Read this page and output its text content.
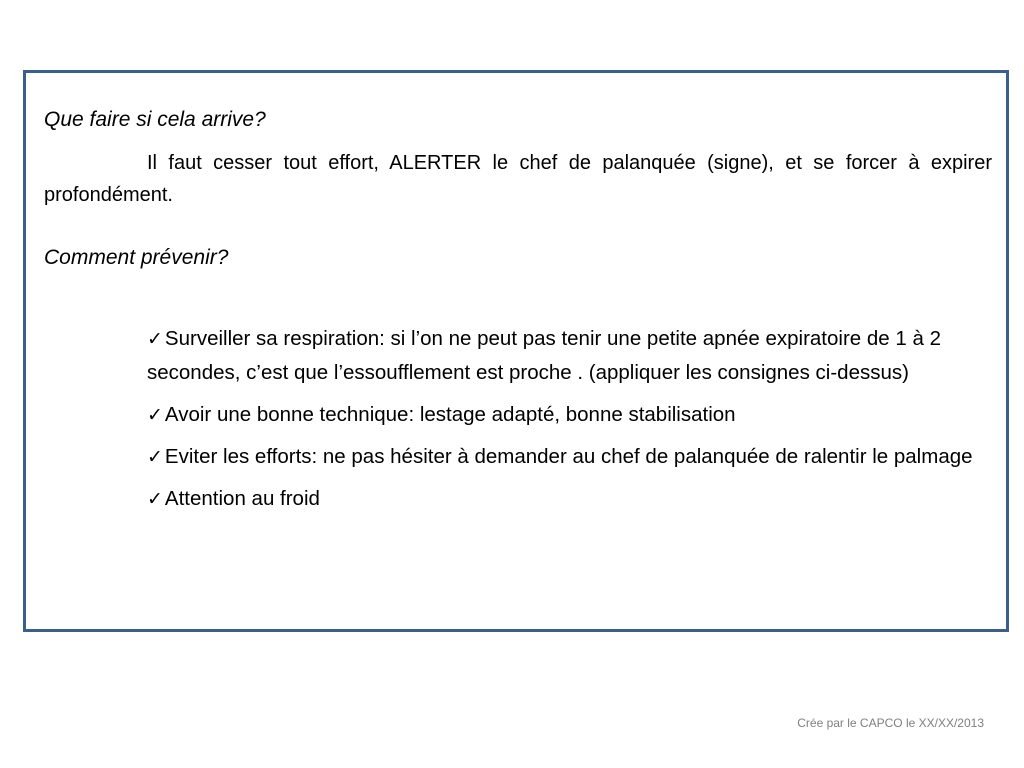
Que faire si cela arrive?

Il faut cesser tout effort, ALERTER le chef de palanquée (signe), et se forcer à expirer profondément.

Comment prévenir?

✓Surveiller sa respiration: si l’on ne peut pas tenir une petite apnée expiratoire de 1 à 2 secondes, c’est que l’essoufflement est proche . (appliquer les consignes ci-dessus)
✓Avoir une bonne technique: lestage adapté, bonne stabilisation
✓Eviter les efforts: ne pas hésiter à demander au chef de palanquée de ralentir le palmage
✓Attention au froid
Crée par le CAPCO le XX/XX/2013
